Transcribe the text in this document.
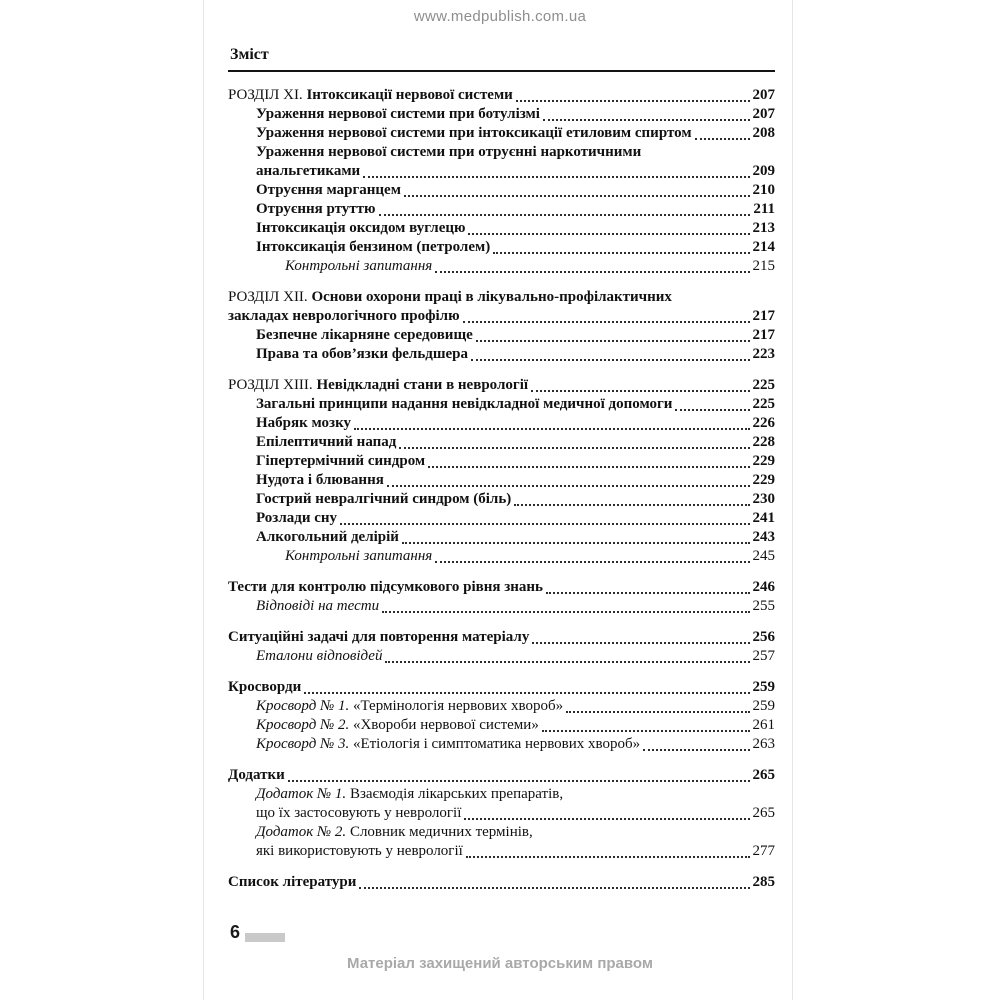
www.medpublish.com.ua
Зміст
РОЗДІЛ XI. Інтоксикації нервової системи	207
Ураження нервової системи при ботулізмі	207
Ураження нервової системи при інтоксикації етиловим спиртом	208
Ураження нервової системи при отруєнні наркотичними
анальгетиками	209
Отруєння марганцем	210
Отруєння ртуттю	211
Інтоксикація оксидом вуглецю	213
Інтоксикація бензином (петролем)	214
Контрольні запитання	215
РОЗДІЛ XII. Основи охорони праці в лікувально-профілактичних
закладах неврологічного профілю	217
Безпечне лікарняне середовище	217
Права та обов’язки фельдшера	223
РОЗДІЛ XIII. Невідкладні стани в неврології	225
Загальні принципи надання невідкладної медичної допомоги	225
Набряк мозку	226
Епілептичний напад	228
Гіпертермічний синдром	229
Нудота і блювання	229
Гострий невралгічний синдром (біль)	230
Розлади сну	241
Алкогольний делірій	243
Контрольні запитання	245
Тести для контролю підсумкового рівня знань	246
Відповіді на тести	255
Ситуаційні задачі для повторення матеріалу	256
Еталони відповідей	257
Кросворди	259
Кросворд № 1. «Термінологія нервових хвороб»	259
Кросворд № 2. «Хвороби нервової системи»	261
Кросворд № 3. «Етіологія і симптоматика нервових хвороб»	263
Додатки	265
Додаток № 1. Взаємодія лікарських препаратів,
що їх застосовують у неврології	265
Додаток № 2. Словник медичних термінів,
які використовують у неврології	277
Список літератури	285
6
Матеріал захищений авторським правом
